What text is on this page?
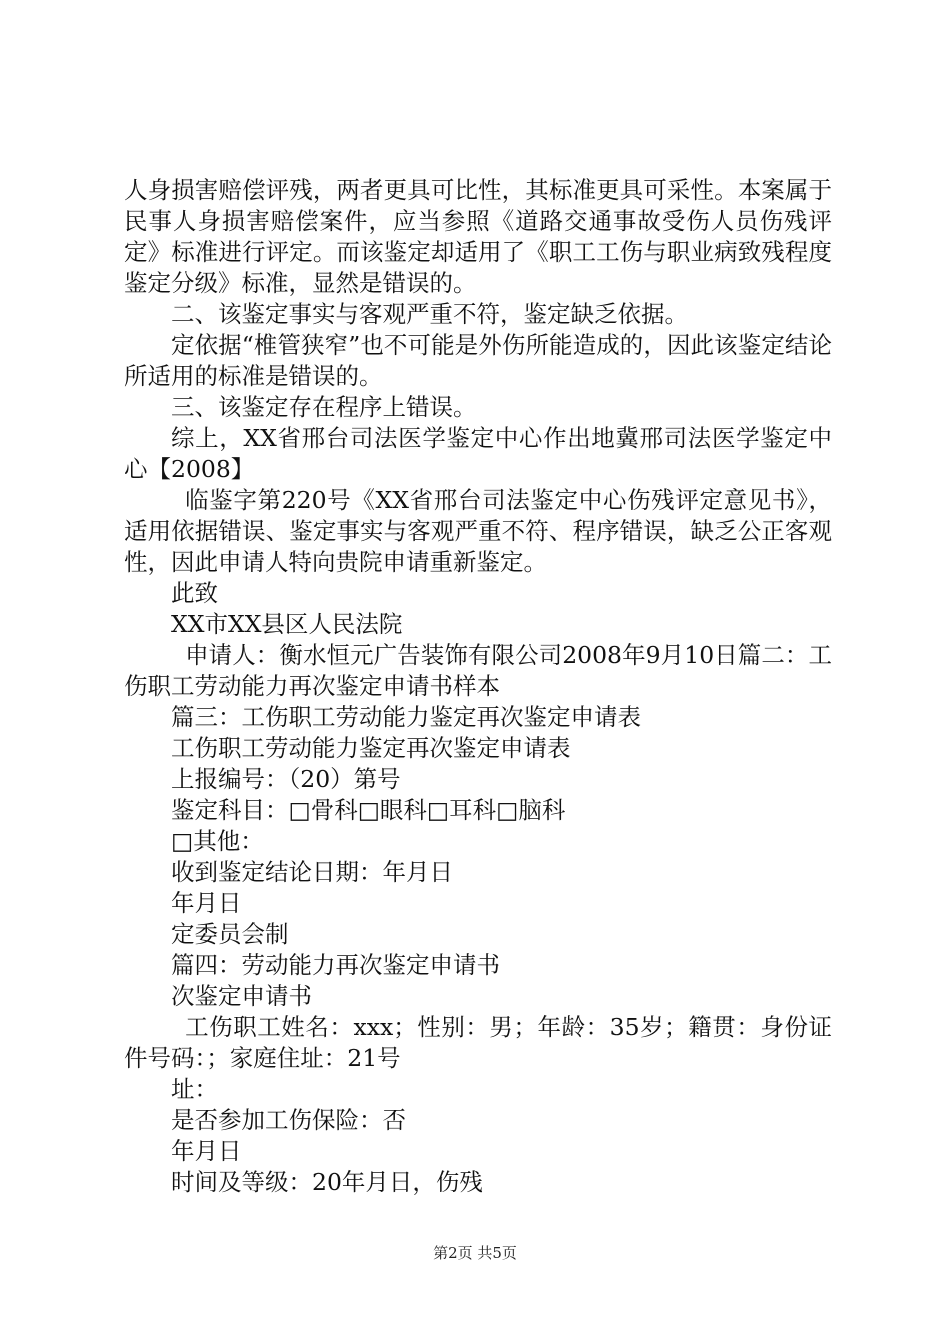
人身损害赔偿评残，两者更具可比性，其标准更具可采性。本案属于民事人身损害赔偿案件，应当参照《道路交通事故受伤人员伤残评定》标准进行评定。而该鉴定却适用了《职工工伤与职业病致残程度鉴定分级》标准，显然是错误的。

二、该鉴定事实与客观严重不符，鉴定缺乏依据。

定依据“椎管狭窄”也不可能是外伤所能造成的，因此该鉴定结论所适用的标准是错误的。

三、该鉴定存在程序上错误。

综上，XX省邢台司法医学鉴定中心作出地冀邢司法医学鉴定中心【2008】

临鉴字第220号《XX省邢台司法鉴定中心伤残评定意见书》，适用依据错误、鉴定事实与客观严重不符、程序错误，缺乏公正客观性，因此申请人特向贵院申请重新鉴定。

此致

XX市XX县区人民法院

申请人：衡水恒元广告装饰有限公司2008年9月10日篇二：工伤职工劳动能力再次鉴定申请书样本

篇三：工伤职工劳动能力鉴定再次鉴定申请表

工伤职工劳动能力鉴定再次鉴定申请表

上报编号：（20）第号

鉴定科目：□骨科□眼科□耳科□脑科

□其他：

收到鉴定结论日期：年月日

年月日

定委员会制

篇四：劳动能力再次鉴定申请书

次鉴定申请书

工伤职工姓名：xxx；性别：男；年龄：35岁；籍贯：身份证件号码：；家庭住址：21号

址：

是否参加工伤保险：否

年月日

时间及等级：20年月日，伤残

第2页 共5页
